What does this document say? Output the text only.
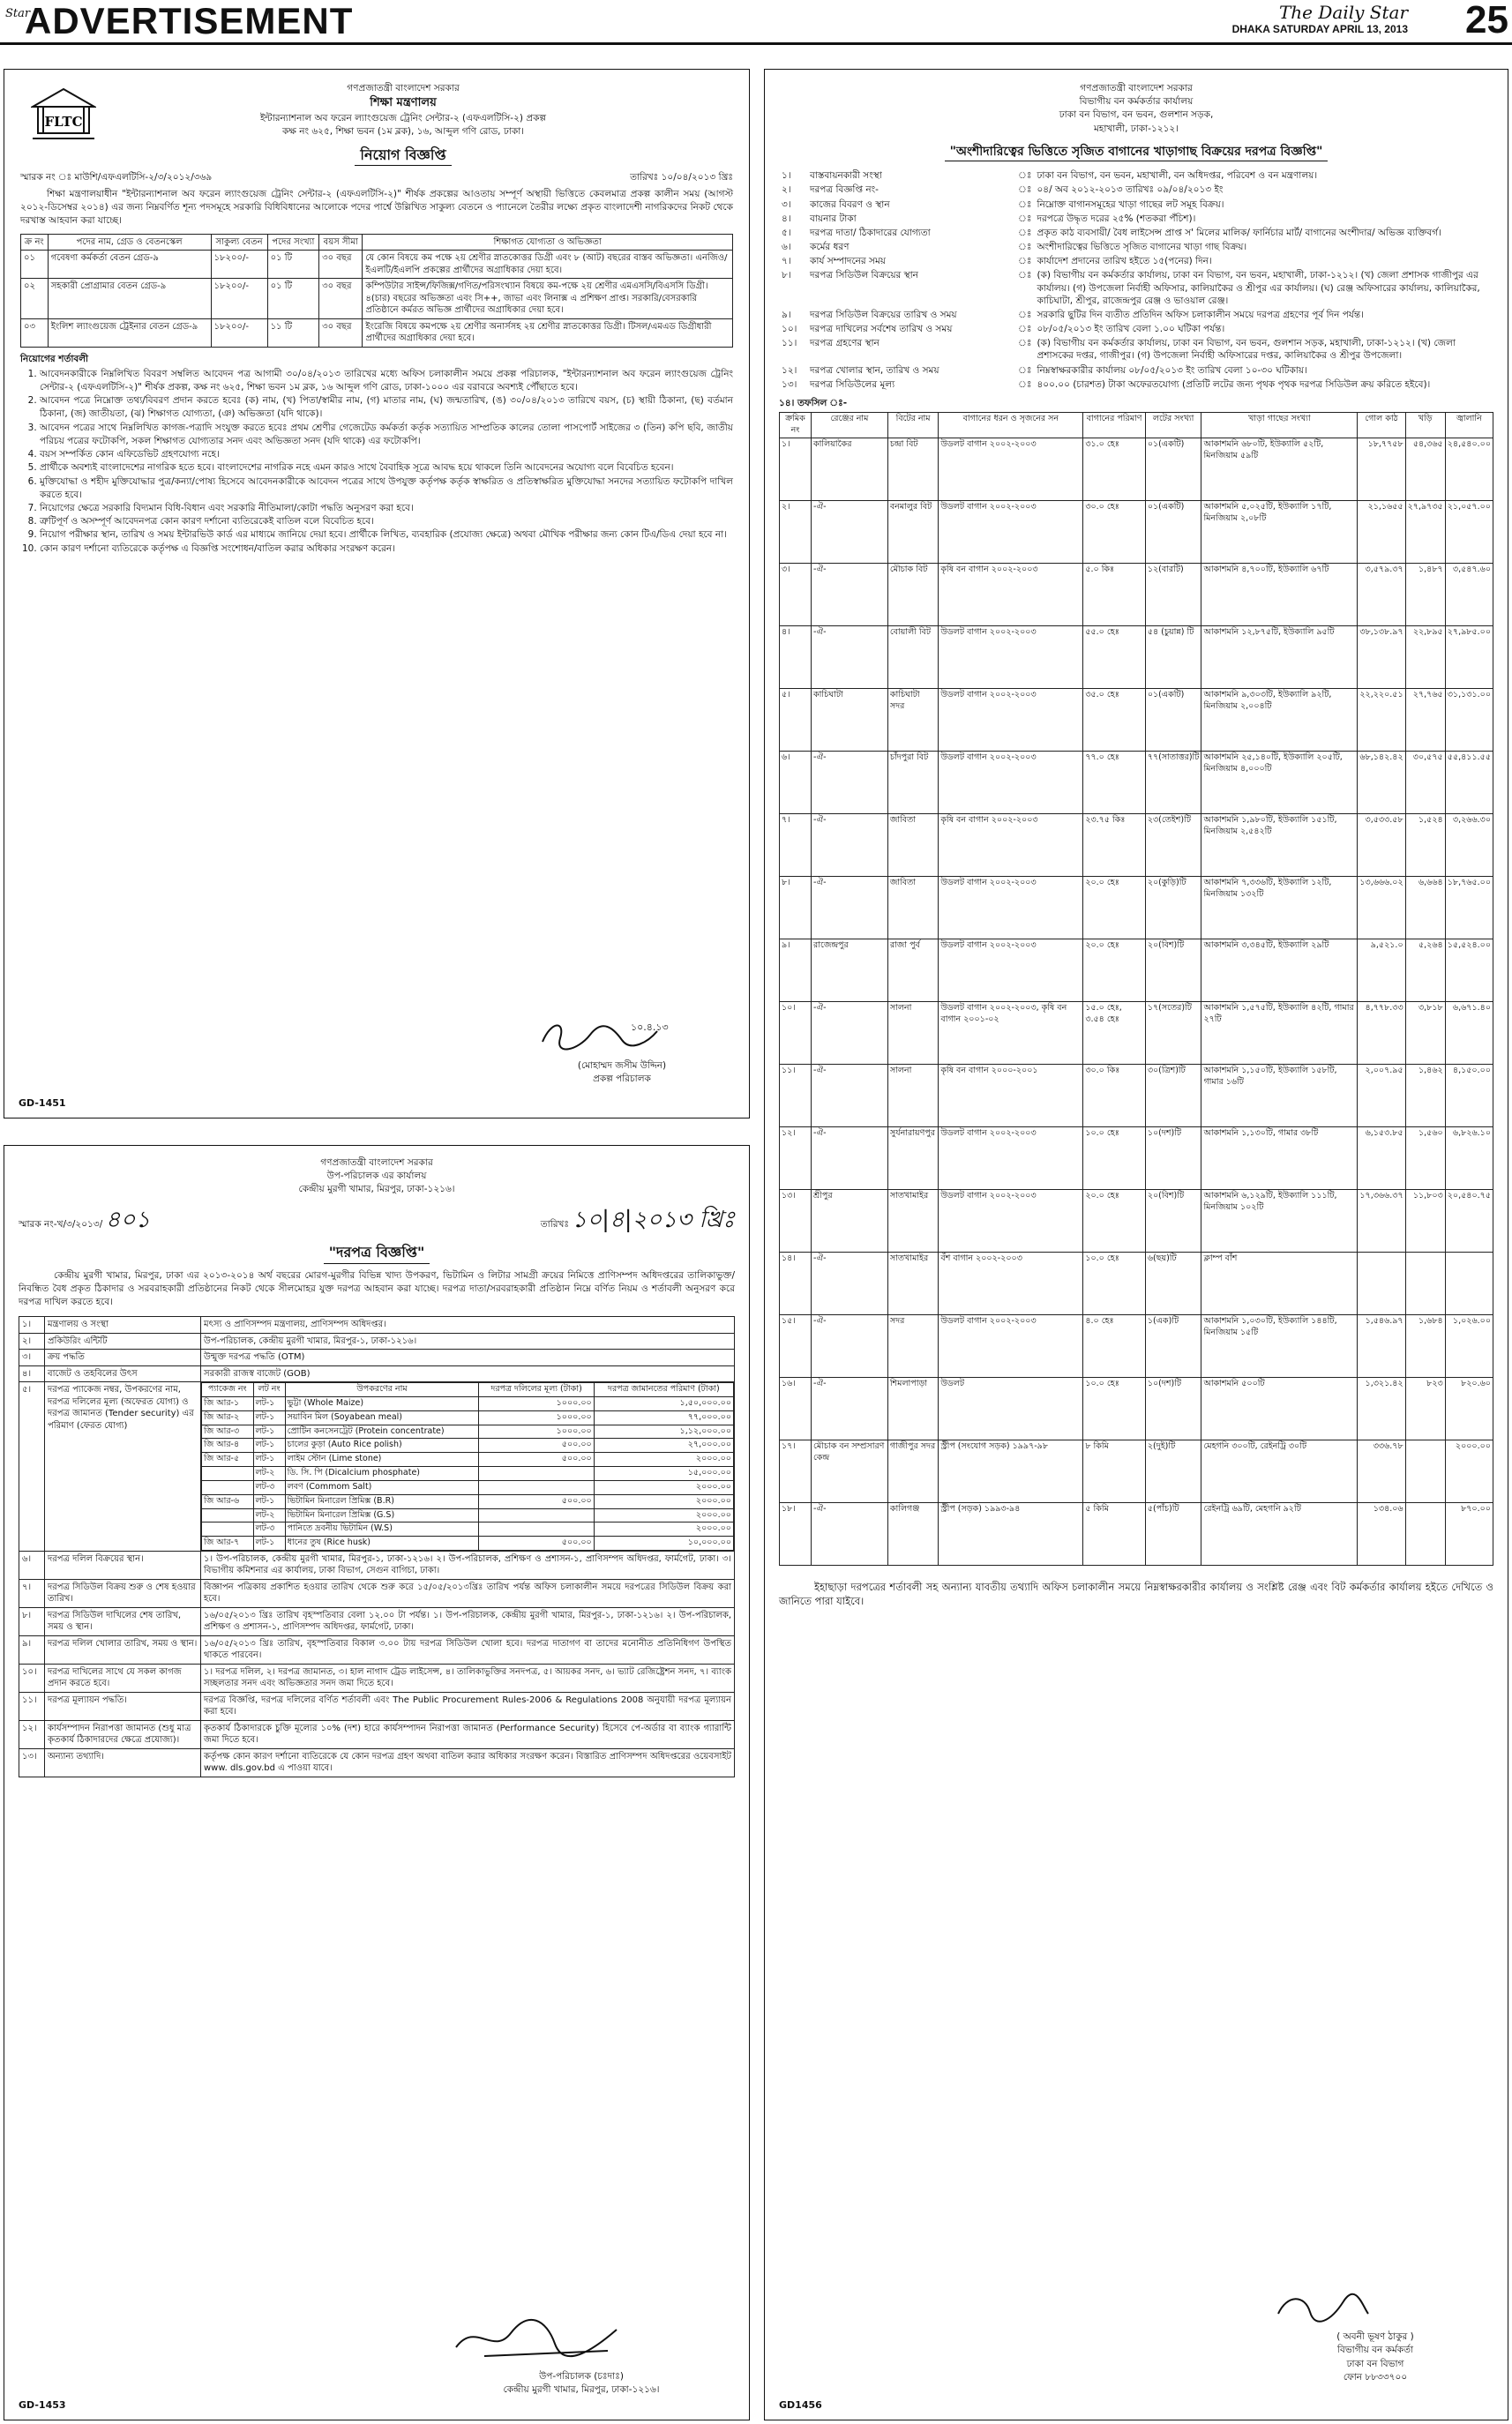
Star
ADVERTISEMENT	The Daily Star
DHAKA SATURDAY APRIL 13, 2013 25
FLTC
গণপ্রজাতন্ত্রী বাংলাদেশ সরকার
শিক্ষা মন্ত্রণালয়
ইন্টারন্যাশনাল অব ফরেন ল্যাংগুয়েজ ট্রেনিং সেন্টার-২ (এফএলটিসি-২) প্রকল্প
কক্ষ নং ৬২৫, শিক্ষা ভবন (১ম ব্লক), ১৬, আব্দুল গণি রোড, ঢাকা।
নিয়োগ বিজ্ঞপ্তি
স্মারক নং ঃ মাউশি/এফএলটিসি-২/৩/২০১২/৩৬৯	তারিখঃ ১০/০৪/২০১৩ খ্রিঃ
শিক্ষা মন্ত্রণালয়াধীন "ইন্টারন্যাশনাল অব ফরেন ল্যাংগুয়েজ ট্রেনিং সেন্টার-২ (এফএলটিসি-২)" শীর্ষক প্রকল্পের আওতায় সম্পূর্ণ অস্থায়ী ভিত্তিতে কেবলমাত্র প্রকল্প কালীন সময় (আগস্ট ২০১২-ডিসেম্বর ২০১৪) এর জন্য নিম্নবর্ণিত শূন্য পদসমূহে সরকারি বিধিবিধানের আলোকে পদের পার্শ্বে উল্লিখিত সাকুল্য বেতনে ও প্যানেলে তৈরীর লক্ষ্যে প্রকৃত বাংলাদেশী নাগরিকদের নিকট থেকে দরখাস্ত আহবান করা যাচ্ছে।
ক্র নং	পদের নাম, গ্রেড ও বেতনস্কেল	সাকুল্য বেতন	পদের সংখ্যা	বয়স সীমা	শিক্ষাগত যোগ্যতা ও অভিজ্ঞতা
০১	গবেষণা কর্মকর্তা বেতন গ্রেড-৯	১৮২০০/-	০১ টি	৩০ বছর	যে কোন বিষয়ে কম পক্ষে ২য় শ্রেণীর স্নাতকোত্তর ডিগ্রী এবং ৮ (আট) বছরের বাস্তব অভিজ্ঞতা। এনজিও/ইএলটি/ইএলপি প্রকল্পের প্রার্থীদের অগ্রাধিকার দেয়া হবে।
০২	সহকারী প্রোগ্রামার বেতন গ্রেড-৯	১৮২০০/-	০১ টি	৩০ বছর	কম্পিউটার সাইন্স/ফিজিক্স/গণিত/পরিসংখ্যান বিষয়ে কম-পক্ষে ২য় শ্রেণীর এমএসসি/বিএসসি ডিগ্রী। ৪(চার) বছরের অভিজ্ঞতা এবং সি++, জাভা এবং লিনাক্স এ প্রশিক্ষণ প্রাপ্ত। সরকারি/বেসরকারি প্রতিষ্ঠানে কর্মরত অভিজ্ঞ প্রার্থীদের অগ্রাধিকার দেয়া হবে।
০৩	ইংলিশ ল্যাংগুয়েজ ট্রেইনার বেতন গ্রেড-৯	১৮২০০/-	১১ টি	৩০ বছর	ইংরেজি বিষয়ে কমপক্ষে ২য় শ্রেণীর অনার্সসহ ২য় শ্রেণীর স্নাতকোত্তর ডিগ্রী। টিসল/এমএড ডিগ্রীধারী প্রার্থীদের অগ্রাধিকার দেয়া হবে।
নিয়োগের শর্তাবলী
1. আবেদনকারীকে নিম্নলিখিত বিবরণ সম্বলিত আবেদন পত্র আগামী ৩০/০৪/২০১৩ তারিখের মধ্যে অফিস চলাকালীন সময়ে প্রকল্প পরিচালক, "ইন্টারন্যাশনাল অব ফরেন ল্যাংগুয়েজ ট্রেনিং সেন্টার-২ (এফএলটিসি-২)" শীর্ষক প্রকল্প, কক্ষ নং ৬২৫, শিক্ষা ভবন ১ম ব্লক, ১৬ আব্দুল গণি রোড, ঢাকা-১০০০ এর বরাবরে অবশ্যই পৌঁছাতে হবে।
2. আবেদন পত্রে নিম্নোক্ত তথ্য/বিবরণ প্রদান করতে হবেঃ (ক) নাম, (খ) পিতা/স্বামীর নাম, (গ) মাতার নাম, (ঘ) জন্মতারিখ, (ঙ) ৩০/০৪/২০১৩ তারিখে বয়স, (চ) স্থায়ী ঠিকানা, (ছ) বর্তমান ঠিকানা, (জ) জাতীয়তা, (ঝ) শিক্ষাগত যোগ্যতা, (ঞ) অভিজ্ঞতা (যদি থাকে)।
3. আবেদন পত্রের সাথে নিম্নলিখিত কাগজ-পত্রাদি সংযুক্ত করতে হবেঃ প্রথম শ্রেণীর গেজেটেড কর্মকর্তা কর্তৃক সত্যায়িত সাম্প্রতিক কালের তোলা পাসপোর্ট সাইজের ৩ (তিন) কপি ছবি, জাতীয় পরিচয় পত্রের ফটোকপি, সকল শিক্ষাগত যোগ্যতার সনদ এবং অভিজ্ঞতা সনদ (যদি থাকে) এর ফটোকপি।
4. বয়স সম্পর্কিত কোন এফিডেভিট গ্রহণযোগ্য নহে।
5. প্রার্থীকে অবশ্যই বাংলাদেশের নাগরিক হতে হবে। বাংলাদেশের নাগরিক নহে এমন কারও সাথে বৈবাহিক সূত্রে আবদ্ধ হয়ে থাকলে তিনি আবেদনের অযোগ্য বলে বিবেচিত হবেন।
6. মুক্তিযোদ্ধা ও শহীদ মুক্তিযোদ্ধার পুত্র/কন্যা/পোষ্য হিসেবে আবেদনকারীকে আবেদন পত্রের সাথে উপযুক্ত কর্তৃপক্ষ কর্তৃক স্বাক্ষরিত ও প্রতিস্বাক্ষরিত মুক্তিযোদ্ধা সনদের সত্যায়িত ফটোকপি দাখিল করতে হবে।
7. নিয়োগের ক্ষেত্রে সরকারি বিদ্যমান বিধি-বিধান এবং সরকারি নীতিমালা/কোটা পদ্ধতি অনুসরণ করা হবে।
8. ত্রুটিপূর্ণ ও অসম্পূর্ণ আবেদনপত্র কোন কারণ দর্শানো ব্যতিরেকেই বাতিল বলে বিবেচিত হবে।
9. নিয়োগ পরীক্ষার স্থান, তারিখ ও সময় ইন্টারভিউ কার্ড এর মাধ্যমে জানিয়ে দেয়া হবে। প্রার্থীকে লিখিত, ব্যবহারিক (প্রযোজ্য ক্ষেত্রে) অথবা মৌখিক পরীক্ষার জন্য কোন টিএ/ডিএ দেয়া হবে না।
10. কোন কারণ দর্শানো ব্যতিরেকে কর্তৃপক্ষ এ বিজ্ঞপ্তি সংশোধন/বাতিল করার অধিকার সংরক্ষণ করেন।
১০.৪.১৩
(মোহাম্মদ জসীম উদ্দিন)
প্রকল্প পরিচালক
GD-1451
গণপ্রজাতন্ত্রী বাংলাদেশ সরকার
উপ-পরিচালক এর কার্যালয়
কেন্দ্রীয় মুরগী খামার, মিরপুর, ঢাকা-১২১৬।
স্মারক নং-খ/৩/২০১৩/ ৪০১	তারিখঃ ১০|৪|২০১৩ খ্রিঃ
"দরপত্র বিজ্ঞপ্তি"
কেন্দ্রীয় মুরগী খামার, মিরপুর, ঢাকা এর ২০১৩-২০১৪ অর্থ বছরের মোরগ-মুরগীর বিভিন্ন খাদ্য উপকরণ, ভিটামিন ও লিটার সামগ্রী ক্রয়ের নিমিত্তে প্রাণিসম্পদ অধিদপ্তরের তালিকাভুক্ত/নিবন্ধিত বৈধ প্রকৃত ঠিকাদার ও সরবরাহকারী প্রতিষ্ঠানের নিকট থেকে সীলমোহর যুক্ত দরপত্র আহবান করা যাচ্ছে। দরপত্র দাতা/সরবরাহকারী প্রতিষ্ঠান নিম্নে বর্ণিত নিয়ম ও শর্তাবলী অনুসরণ করে দরপত্র দাখিল করতে হবে।
১।	মন্ত্রণালয় ও সংস্থা	মৎস্য ও প্রাণিসম্পদ মন্ত্রণালয়, প্রাণিসম্পদ অধিদপ্তর।
২।	প্রকিউরিং এন্টিটি	উপ-পরিচালক, কেন্দ্রীয় মুরগী খামার, মিরপুর-১, ঢাকা-১২১৬।
৩।	ক্রয় পদ্ধতি	উন্মুক্ত দরপত্র পদ্ধতি (OTM)
৪।	বাজেট ও তহবিলের উৎস	সরকারী রাজস্ব বাজেট (GOB)
৫।	দরপত্র প্যাকেজ নম্বর, উপকরণের নাম, দরপত্র দলিলের মূল্য (অফেরত যোগ্য) ও দরপত্র জামানত (Tender security) এর পরিমাণ (ফেরত যোগ্য)	
প্যাকেজ নং	লট নং	উপকরণের নাম	দরপত্র দলিলের মূল্য (টাকা)	দরপত্র জামানতের পরিমাণ (টাকা)
জি আর-১	লট-১	ভুট্টা (Whole Maize)	১০০০.০০	১,৫০,০০০.০০
জি আর-২	লট-১	সয়াবিন মিল (Soyabean meal)	১০০০.০০	৭৭,০০০.০০
জি আর-৩	লট-১	প্রোটিন কনসেনট্রেট (Protein concentrate)	১০০০.০০	১,১২,০০০.০০
জি আর-৪	লট-১	চালের কুড়া (Auto Rice polish)	৫০০.০০	২৭,০০০.০০
জি আর-৫	লট-১	লাইম স্টোন (Lime stone)	৫০০.০০	২০০০.০০
	লট-২	ডি. সি. পি (Dicalcium phosphate)		১৫,০০০.০০
	লট-৩	লবণ (Commom Salt)		২০০০.০০
জি আর-৬	লট-১	ভিটামিন মিনারেল প্রিমিক্স (B.R)	৫০০.০০	২০০০.০০
	লট-২	ভিটামিন মিনারেল প্রিমিক্স (G.S)		২০০০.০০
	লট-৩	পানিতে দ্রবনীয় ভিটামিন (W.S)		২০০০.০০
জি আর-৭	লট-১	ধানের তুষ (Rice husk)	৫০০.০০	১০,০০০.০০

৬।	দরপত্র দলিল বিক্রয়ের স্থান।	১। উপ-পরিচালক, কেন্দ্রীয় মুরগী খামার, মিরপুর-১, ঢাকা-১২১৬। ২। উপ-পরিচালক, প্রশিক্ষণ ও প্রশাসন-১, প্রাণিসম্পদ অধিদপ্তর, ফার্মগেট, ঢাকা। ৩। বিভাগীয় কমিশনার এর কার্যালয়, ঢাকা বিভাগ, সেগুন বাগিচা, ঢাকা।
৭।	দরপত্র সিডিউল বিক্রয় শুরু ও শেষ হওয়ার তারিখ।	বিজ্ঞাপন পত্রিকায় প্রকাশিত হওয়ার তারিখ থেকে শুরু করে ১৫/০৫/২০১৩খ্রিঃ তারিখ পর্যন্ত অফিস চলাকালীন সময়ে দরপত্রের সিডিউল বিক্রয় করা হবে।
৮।	দরপত্র সিডিউল দাখিলের শেষ তারিখ, সময় ও স্থান।	১৬/০৫/২০১৩ খ্রিঃ তারিখ বৃহস্পতিবার বেলা ১২.০০ টা পর্যন্ত। ১। উপ-পরিচালক, কেন্দ্রীয় মুরগী খামার, মিরপুর-১, ঢাকা-১২১৬। ২। উপ-পরিচালক, প্রশিক্ষণ ও প্রশাসন-১, প্রাণিসম্পদ অধিদপ্তর, ফার্মগেট, ঢাকা।
৯।	দরপত্র দলিল খোলার তারিখ, সময় ও স্থান।	১৬/০৫/২০১৩ খ্রিঃ তারিখ, বৃহস্পতিবার বিকাল ৩.০০ টায় দরপত্র সিডিউল খোলা হবে। দরপত্র দাতাগণ বা তাদের মনোনীত প্রতিনিধিগণ উপস্থিত থাকতে পারবেন।
১০।	দরপত্র দাখিলের সাথে যে সকল কাগজ প্রদান করতে হবে।	১। দরপত্র দলিল, ২। দরপত্র জামানত, ৩। হাল নাগাদ ট্রেড লাইসেন্স, ৪। তালিকাভুক্তির সনদপত্র, ৫। আয়কর সনদ, ৬। ভ্যাট রেজিষ্ট্রেশন সনদ, ৭। ব্যাংক সচ্ছলতার সনদ এবং অভিজ্ঞতার সনদ জমা দিতে হবে।
১১।	দরপত্র মূল্যায়ন পদ্ধতি।	দরপত্র বিজ্ঞপ্তি, দরপত্র দলিলের বর্ণিত শর্তাবলী এবং The Public Procurement Rules-2006 & Regulations 2008 অনুযায়ী দরপত্র মূল্যায়ন করা হবে।
১২।	কার্যসম্পাদন নিরাপত্তা জামানত (শুধু মাত্র কৃতকার্য ঠিকাদারদের ক্ষেত্রে প্রযোজ্য)।	কৃতকার্য ঠিকাদারকে চুক্তি মূল্যের ১০% (দশ) হারে কার্যসম্পাদন নিরাপত্তা জামানত (Performance Security) হিসেবে পে-অর্ডার বা ব্যাংক গ্যারান্টি জমা দিতে হবে।
১৩।	অন্যান্য তথ্যাদি।	কর্তৃপক্ষ কোন কারণ দর্শানো ব্যতিরেকে যে কোন দরপত্র গ্রহণ অথবা বাতিল করার অধিকার সংরক্ষণ করেন। বিস্তারিত প্রাণিসম্পদ অধিদপ্তরের ওয়েবসাইট www. dls.gov.bd এ পাওয়া যাবে।
উপ-পরিচালক (চঃদাঃ)
কেন্দ্রীয় মুরগী খামার, মিরপুর, ঢাকা-১২১৬।
GD-1453
গণপ্রজাতন্ত্রী বাংলাদেশ সরকার
বিভাগীয় বন কর্মকর্তার কার্যালয়
ঢাকা বন বিভাগ, বন ভবন, গুলশান সড়ক,
মহাখালী, ঢাকা-১২১২।
"অংশীদারিত্বের ভিত্তিতে সৃজিত বাগানের খাড়াগাছ বিক্রয়ের দরপত্র বিজ্ঞপ্তি"
১।	বাস্তবায়নকারী সংস্থা	ঃ	ঢাকা বন বিভাগ, বন ভবন, মহাখালী, বন অধিদপ্তর, পরিবেশ ও বন মন্ত্রণালয়।
২।	দরপত্র বিজ্ঞপ্তি নং-	ঃ	০৪/ অব ২০১২-২০১৩ তারিখঃ ০৯/০৪/২০১৩ ইং
৩।	কাজের বিবরণ ও স্থান	ঃ	নিম্নোক্ত বাগানসমূহের খাড়া গাছের লট সমূহ বিক্রয়।
৪।	বায়নার টাকা	ঃ	দরপত্রে উদ্ধৃত দরের ২৫% (শতকরা পঁচিশ)।
৫।	দরপত্র দাতা/ ঠিকাদারের যোগ্যতা	ঃ	প্রকৃত কাঠ ব্যবসায়ী/ বৈধ লাইসেন্স প্রাপ্ত স' মিলের মালিক/ ফার্নিচার মার্ট/ বাগানের অংশীদার/ অভিজ্ঞ ব্যক্তিবর্গ।
৬।	কর্মের ধরণ	ঃ	অংশীদারিত্বের ভিত্তিতে সৃজিত বাগানের খাড়া গাছ বিক্রয়।
৭।	কার্য সম্পাদনের সময়	ঃ	কার্যাদেশ প্রদানের তারিখ হইতে ১৫(পনের) দিন।
৮।	দরপত্র সিডিউল বিক্রয়ের স্থান	ঃ	(ক) বিভাগীয় বন কর্মকর্তার কার্যালয়, ঢাকা বন বিভাগ, বন ভবন, মহাখালী, ঢাকা-১২১২। (খ) জেলা প্রশাসক গাজীপুর এর কার্যালয়। (গ) উপজেলা নির্বাহী অফিসার, কালিয়াকৈর ও শ্রীপুর এর কার্যালয়। (ঘ) রেঞ্জ অফিসারের কার্যালয়, কালিয়াকৈর, কাচিঘাটা, শ্রীপুর, রাজেন্দ্রপুর রেঞ্জ ও ভাওয়াল রেঞ্জ।
৯।	দরপত্র সিডিউল বিক্রয়ের তারিখ ও সময়	ঃ	সরকারি ছুটির দিন ব্যতীত প্রতিদিন অফিস চলাকালীন সময়ে দরপত্র গ্রহণের পূর্ব দিন পর্যন্ত।
১০।	দরপত্র দাখিলের সর্বশেষ তারিখ ও সময়	ঃ	০৮/০৫/২০১৩ ইং তারিখ বেলা ১.০০ ঘটিকা পর্যন্ত।
১১।	দরপত্র গ্রহণের স্থান	ঃ	(ক) বিভাগীয় বন কর্মকর্তার কার্যালয়, ঢাকা বন বিভাগ, বন ভবন, গুলশান সড়ক, মহাখালী, ঢাকা-১২১২। (খ) জেলা প্রশাসকের দপ্তর, গাজীপুর। (গ) উপজেলা নির্বাহী অফিসারের দপ্তর, কালিয়াকৈর ও শ্রীপুর উপজেলা।
১২।	দরপত্র খোলার স্থান, তারিখ ও সময়	ঃ	নিম্নস্বাক্ষরকারীর কার্যালয় ০৮/০৫/২০১৩ ইং তারিখ বেলা ১০-৩০ ঘটিকায়।
১৩।	দরপত্র সিডিউলের মূল্য	ঃ	৪০০.০০ (চারশত) টাকা অফেরতযোগ্য (প্রতিটি লটের জন্য পৃথক পৃথক দরপত্র সিডিউল ক্রয় করিতে হইবে)।
১৪। তফসিল ঃ-
ক্রমিক নং	রেঞ্জের নাম	বিটের নাম	বাগানের ধরন ও সৃজনের সন	বাগানের পরিমাণ	লটের সংখ্যা	খাড়া গাছের সংখ্যা	গোল কাঠ	খড়ি	জ্বালানি
১।	কালিয়াকৈর	চন্দ্রা বিট	উডলট বাগান ২০০২-২০০৩	৩১.০ হেঃ	০১(একটি)	আকাশমনি ৬৮০টি, ইউক্যালি ৫২টি, মিনজিয়াম ৫৯টি	১৮,৭৭৫৮	৫৪,৩৬৫	২৪,৫৪০.০০
২।	-ঐ-	বনমালুর বিট	উডলট বাগান ২০০২-২০০৩	৩০.০ হেঃ	০১(একটি)	আকাশমনি ৫,০২৫টি, ইউক্যালি ১৭টি, মিনজিয়াম ২,০৮টি	২১,১৬৫৫	২৭,৯৭৩৫	২১,০৫৭.০০
৩।	-ঐ-	মৌচাক বিট	কৃষি বন বাগান ২০০২-২০০৩	৫.০ কিঃ	১২(বারটি)	আকাশমনি ৪,৭০০টি, ইউক্যালি ৬৭টি	৩,৫৭৯.৩৭	১,৪৮৭	৩,৫৪৭.৬০
৪।	-ঐ-	বোয়ালী বিট	উডলট বাগান ২০০২-২০০৩	৫৫.০ হেঃ	৫৪ (চুয়ান্ন) টি	আকাশমনি ১২,৮৭৫টি, ইউক্যালি ৯৫টি	৩৮,১৩৮.৯৭	২২,৮৯৫	২৭,৯৮৫.০০
৫।	কাচিঘাটা	কাচিঘাটা সদর	উডলট বাগান ২০০২-২০০৩	৩৫.০ হেঃ	০১(একটি)	আকাশমনি ৯,৩০৩টি, ইউক্যালি ৯২টি, মিনজিয়াম ২,০০৪টি	২২,২২০.৫১	২৭,৭৬৫	৩১,১৩১.০০
৬।	-ঐ-	চাঁদপুরা বিট	উডলট বাগান ২০০২-২০০৩	৭৭.০ হেঃ	৭৭(সাতাত্তর)টি	আকাশমনি ২৫,১৪০টি, ইউক্যালি ২০৫টি, মিনজিয়াম ৪,০০০টি	৬৮,১৪২.৪২	৩০,৫৭৫	৫৫,৪১১.৫৫
৭।	-ঐ-	জাবিতা	কৃষি বন বাগান ২০০২-২০০৩	২৩.৭৫ কিঃ	২৩(তেইশ)টি	আকাশমনি ১,৯৮০টি, ইউক্যালি ১৫১টি, মিনজিয়াম ২,৫৪২টি	৩,৫৩৩.৫৮	১,৫২৪	৩,২৬৬.৩০
৮।	-ঐ-	জাবিতা	উডলট বাগান ২০০২-২০০৩	২০.০ হেঃ	২০(কুড়ি)টি	আকাশমনি ৭,৩৩৬টি, ইউক্যালি ১২টি, মিনজিয়াম ১৩২টি	১৩,৬৬৬.০২	৬,৬৬৪	১৮,৭৬৫.০০
৯।	রাজেন্দ্রপুর	রাজা পুর্ব	উডলট বাগান ২০০২-২০০৩	২০.০ হেঃ	২০(বিশ)টি	আকাশমনি ৩,৩৪৫টি, ইউক্যালি ২৯টি	৯,৫২১.০	৫,২৬৪	১৫,৫২৪.০০
১০।	-ঐ-	সালনা	উডলট বাগান ২০০২-২০০৩, কৃষি বন বাগান ২০০১-০২	১৫.০ হেঃ, ৩.৫৪ হেঃ	১৭(সতের)টি	আকাশমনি ১,৫৭৫টি, ইউক্যালি ৪২টি, গামার ২৭টি	৪,৭৭৮.৩৩	৩,৮১৮	৬,৬৭১.৪০
১১।	-ঐ-	সালনা	কৃষি বন বাগান ২০০০-২০০১	৩০.০ কিঃ	৩০(ত্রিশ)টি	আকাশমনি ১,১৫০টি, ইউক্যালি ১৫৮টি, গামার ১৬টি	২,০০৭.৯৫	১,৪৬২	৪,১৫০.০০
১২।	-ঐ-	সুর্যনারায়ণপুর	উডলট বাগান ২০০২-২০০৩	১০.০ হেঃ	১০(দশ)টি	আকাশমনি ১,১৩০টি, গামার ৩৮টি	৬,১৫৩.৮৫	১,৫৬০	৬,৮২৬.১০
১৩।	শ্রীপুর	সাতখামাইর	উডলট বাগান ২০০২-২০০৩	২০.০ হেঃ	২০(বিশ)টি	আকাশমনি ৬,১২৯টি, ইউক্যালি ১১১টি, মিনজিয়াম ১০২টি	১৭,৩৬৬.৩৭	১১,৮০৩	২০,৫৪০.৭৫
১৪।	-ঐ-	সাতখামাইর	বঁশ বাগান ২০০২-২০০৩	১০.০ হেঃ	৬(ছয়)টি	ক্লাম্প বাঁশ			
১৫।	-ঐ-	সদর	উডলট বাগান ২০০২-২০০৩	৪.০ হেঃ	১(এক)টি	আকাশমনি ১,০৩০টি, ইউক্যালি ১৪৪টি, মিনজিয়াম ১৫টি	১,৫৪৬.৯৭	১,৬৮৪	১,০২৬.০০
১৬।	-ঐ-	শিমলাপাড়া	উডলট	১০.০ হেঃ	১০(দশ)টি	আকাশমনি ৫০০টি	১,৩২১.৪২	৮২৩	৮২০.৬০
১৭।	মৌচাক বন সম্প্রসারণ কেন্দ্র	গাজীপুর সদর	স্ট্রীপ (সংযোগ সড়ক) ১৯৯৭-৯৮	৮ কিমি	২(দুই)টি	মেহগনি ৩০০টি, রেইনট্রি ৩০টি	৩৩৬.৭৮		২০০০.০০
১৮।	-ঐ-	কালিগঞ্জ	স্ট্রীপ (সড়ক) ১৯৯৩-৯৪	৫ কিমি	৫(পাঁচ)টি	রেইনট্রি ৬৯টি, মেহগনি ৯২টি	১৩৪.০৬		৮৭০.০০
ইহাছাড়া দরপত্রের শর্তাবলী সহ অন্যান্য যাবতীয় তথ্যাদি অফিস চলাকালীন সময়ে নিম্নস্বাক্ষরকারীর কার্যালয় ও সংশ্লিষ্ট রেঞ্জ এবং বিট কর্মকর্তার কার্যালয় হইতে দেখিতে ও জানিতে পারা যাইবে।
( অবনী ভূষণ ঠাকুর )
বিভাগীয় বন কর্মকর্তা
ঢাকা বন বিভাগ
ফোন ৮৮৩৩৭০০
GD1456
